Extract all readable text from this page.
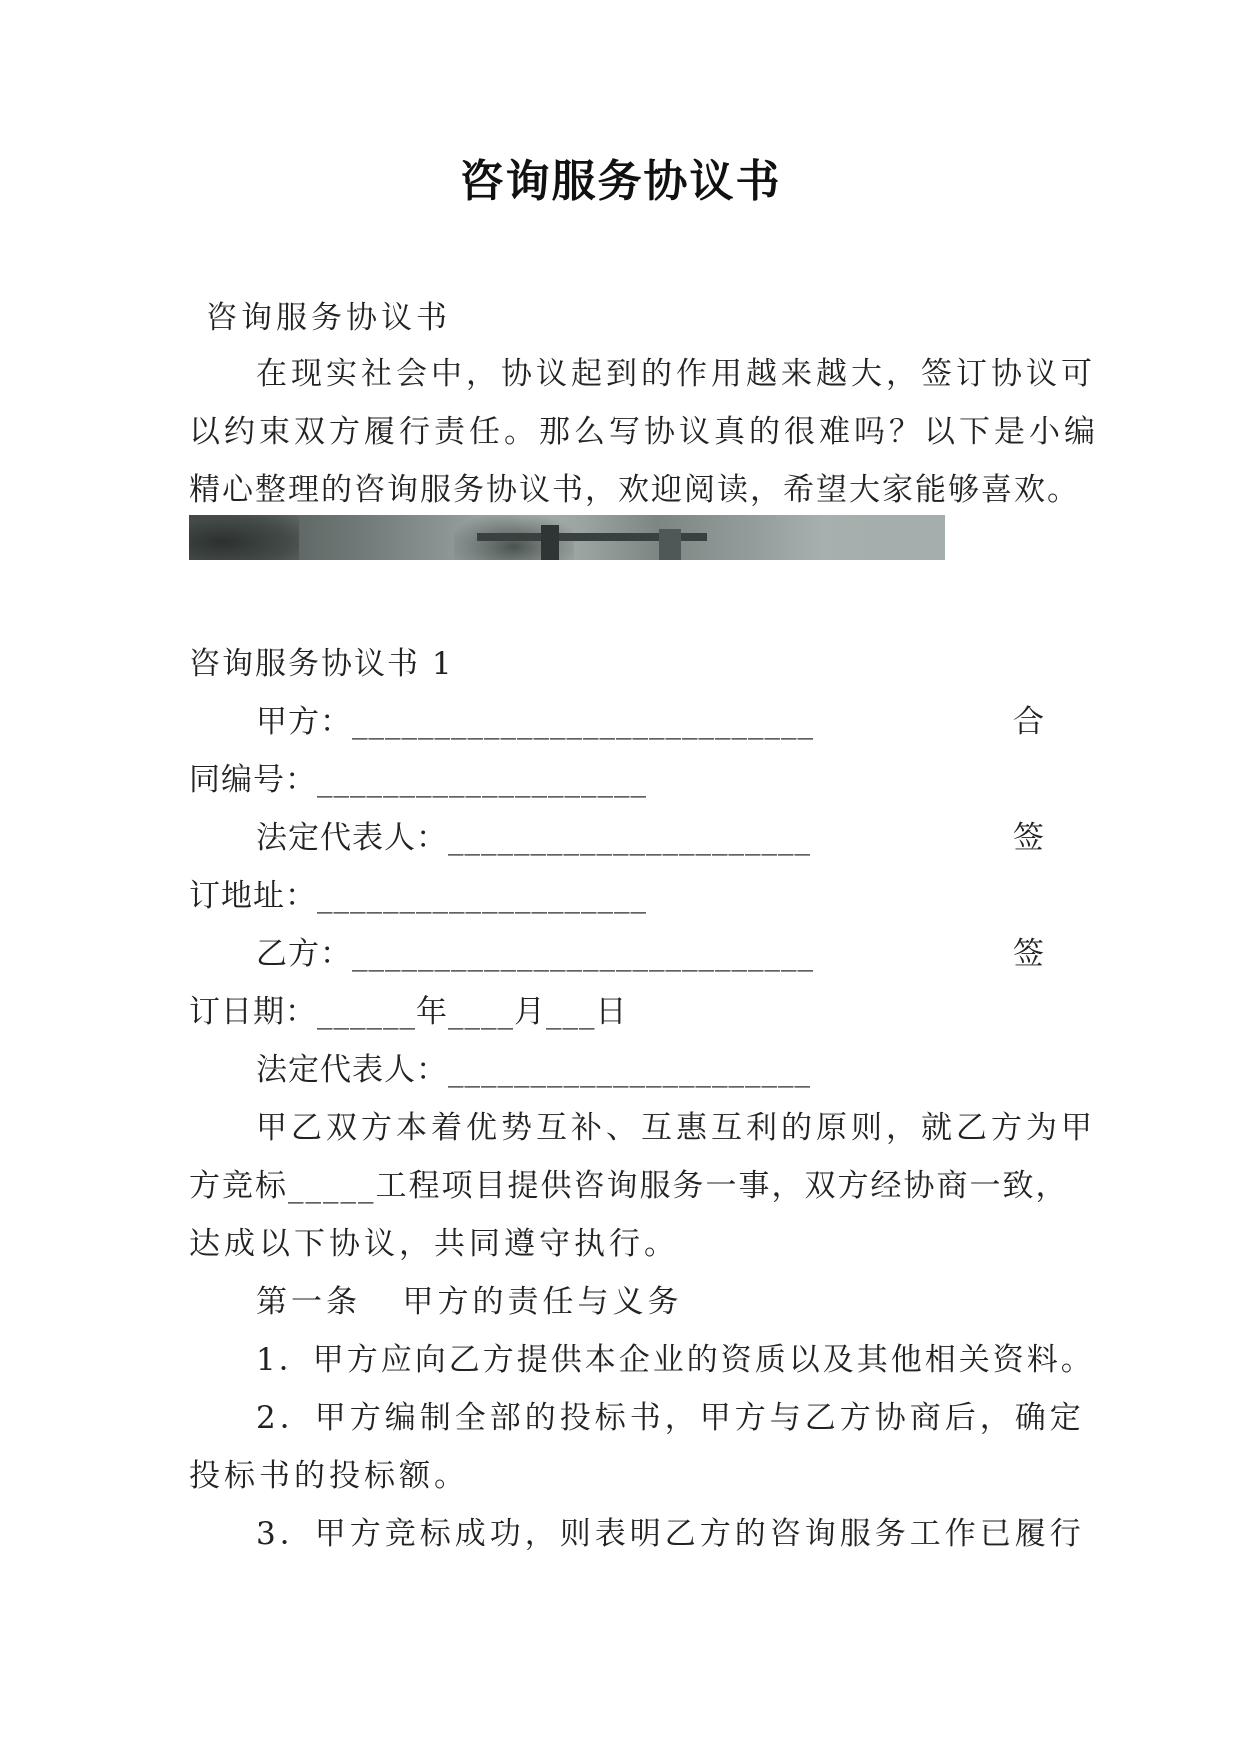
咨询服务协议书
咨询服务协议书
在现实社会中，协议起到的作用越来越大，签订协议可
以约束双方履行责任。那么写协议真的很难吗？以下是小编
精心整理的咨询服务协议书，欢迎阅读，希望大家能够喜欢。
咨询服务协议书 1
甲方：____________________________	合
同编号：____________________
法定代表人：______________________	签
订地址：____________________
乙方：____________________________	签
订日期：______年____月___日
法定代表人：______________________
甲乙双方本着优势互补、互惠互利的原则，就乙方为甲
方竞标_____工程项目提供咨询服务一事，双方经协商一致，
达成以下协议，共同遵守执行。
第一条   甲方的责任与义务
1．甲方应向乙方提供本企业的资质以及其他相关资料。
2．甲方编制全部的投标书，甲方与乙方协商后，确定
投标书的投标额。
3．甲方竞标成功，则表明乙方的咨询服务工作已履行
